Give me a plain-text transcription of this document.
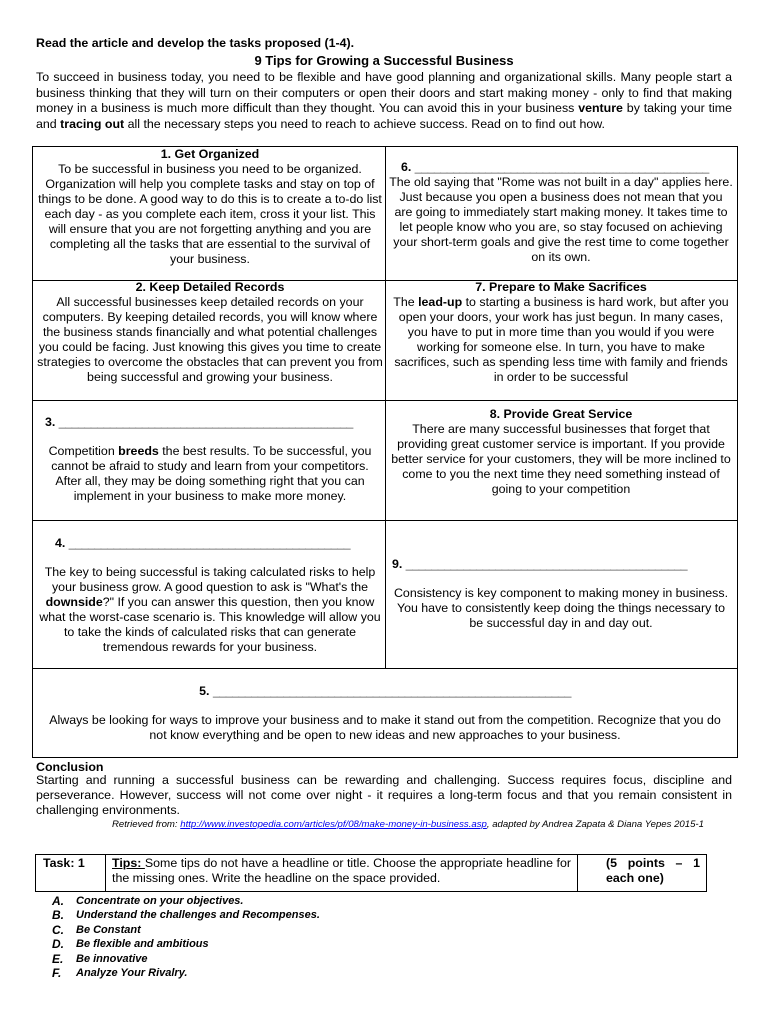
Read the article and develop the tasks proposed (1-4).
9 Tips for Growing a Successful Business

To succeed in business today, you need to be flexible and have good planning and organizational skills. Many people start a business thinking that they will turn on their computers or open their doors and start making money - only to find that making money in a business is much more difficult than they thought. You can avoid this in your business venture by taking your time and tracing out all the necessary steps you need to reach to achieve success. Read on to find out how.

1. Get Organized

To be successful in business you need to be organized. Organization will help you complete tasks and stay on top of things to be done. A good way to do this is to create a to-do list each day - as you complete each item, cross it your list. This will ensure that you are not forgetting anything and you are completing all the tasks that are essential to the survival of your business.

6. ______________________________________________

The old saying that "Rome was not built in a day" applies here. Just because you open a business does not mean that you are going to immediately start making money. It takes time to let people know who you are, so stay focused on achieving your short-term goals and give the rest time to come together on its own.

2. Keep Detailed Records

All successful businesses keep detailed records on your computers. By keeping detailed records, you will know where the business stands financially and what potential challenges you could be facing. Just knowing this gives you time to create strategies to overcome the obstacles that can prevent you from being successful and growing your business.

7. Prepare to Make Sacrifices

The lead-up to starting a business is hard work, but after you open your doors, your work has just begun. In many cases, you have to put in more time than you would if you were working for someone else. In turn, you have to make sacrifices, such as spending less time with family and friends in order to be successful

3. ______________________________________________

Competition breeds the best results. To be successful, you cannot be afraid to study and learn from your competitors. After all, they may be doing something right that you can implement in your business to make more money.

8. Provide Great Service

There are many successful businesses that forget that providing great customer service is important. If you provide better service for your customers, they will be more inclined to come to you the next time they need something instead of going to your competition

4. ____________________________________________

The key to being successful is taking calculated risks to help your business grow. A good question to ask is "What's the downside?" If you can answer this question, then you know what the worst-case scenario is. This knowledge will allow you to take the kinds of calculated risks that can generate tremendous rewards for your business.

9. ____________________________________________

Consistency is key component to making money in business. You have to consistently keep doing the things necessary to be successful day in and day out.

5. ________________________________________________________

Always be looking for ways to improve your business and to make it stand out from the competition. Recognize that you do not know everything and be open to new ideas and new approaches to your business.

Conclusion

Starting and running a successful business can be rewarding and challenging. Success requires focus, discipline and perseverance. However, success will not come over night - it requires a long-term focus and that you remain consistent in challenging environments.

Retrieved from: http://www.investopedia.com/articles/pf/08/make-money-in-business.asp, adapted by Andrea Zapata & Diana Yepes 2015-1
Task: 1	Tips: Some tips do not have a headline or title. Choose the appropriate headline for the missing ones. Write the headline on the space provided.
(5 points – 1 each one)
A.	Concentrate on your objectives.
B.	Understand the challenges and Recompenses.
C.	Be Constant
D.	Be flexible and ambitious
E.	Be innovative
F.	Analyze Your Rivalry.
